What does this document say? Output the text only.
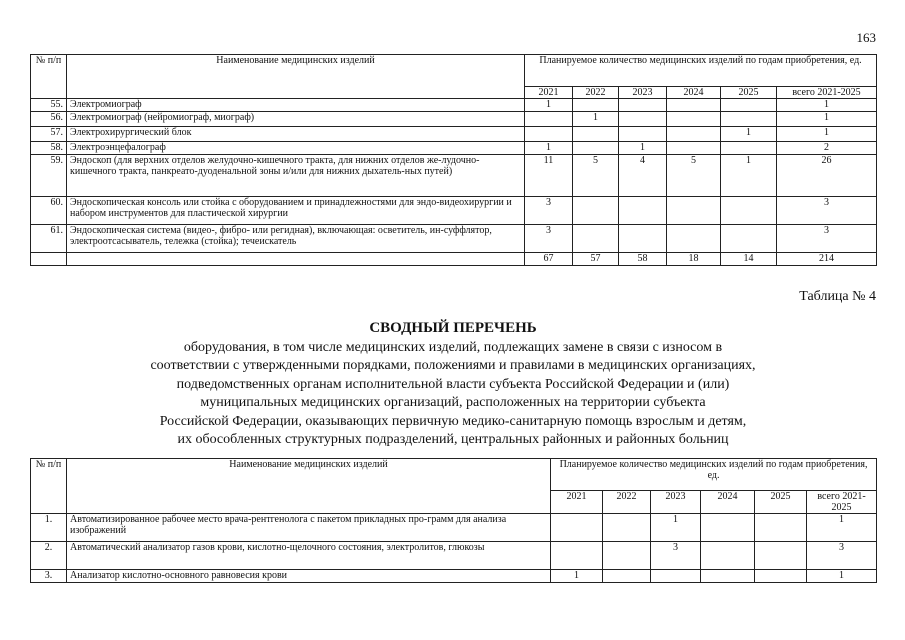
163
№ п/п	Наименование медицинских изделий	Планируемое количество медицинских изделий по годам приобретения, ед.					
		2021	2022	2023	2024	2025	всего 2021-2025
55.	Электромиограф	1					1
56.	Электромиограф (нейромиограф, миограф)		1				1
57.	Электрохирургический блок					1	1
58.	Электроэнцефалограф	1		1			2
59.	Эндоскоп (для верхних отделов желудочно-кишечного тракта, для нижних отделов же-лудочно-кишечного тракта, панкреато-дуоденальной зоны и/или для нижних дыхатель-ных путей)	11	5	4	5	1	26
60.	Эндоскопическая консоль или стойка с оборудованием и принадлежностями для эндо-видеохирургии и набором инструментов для пластической хирургии	3					3
61.	Эндоскопическая система (видео-, фибро- или регидная), включающая: осветитель, ин-суффлятор, электроотсасыватель, тележка (стойка); течеискатель	3					3
		67	57	58	18	14	214
Таблица № 4
СВОДНЫЙ ПЕРЕЧЕНЬ
оборудования, в том числе медицинских изделий, подлежащих замене в связи с износом в
соответствии с утвержденными порядками, положениями и правилами в медицинских организациях,
подведомственных органам исполнительной власти субъекта Российской Федерации и (или)
муниципальных медицинских организаций, расположенных на территории субъекта
Российской Федерации, оказывающих первичную медико-санитарную помощь взрослым и детям,
их обособленных структурных подразделений, центральных районных и районных больниц
№ п/п	Наименование медицинских изделий	Планируемое количество медицинских изделий по годам приобретения, ед.					
		2021	2022	2023	2024	2025	всего 2021-2025
1.	Автоматизированное рабочее место врача-рентгенолога с пакетом прикладных про-грамм для анализа изображений			1			1
2.	Автоматический анализатор газов крови, кислотно-щелочного состояния, электролитов, глюкозы			3			3
3.	Анализатор кислотно-основного равновесия крови	1					1
